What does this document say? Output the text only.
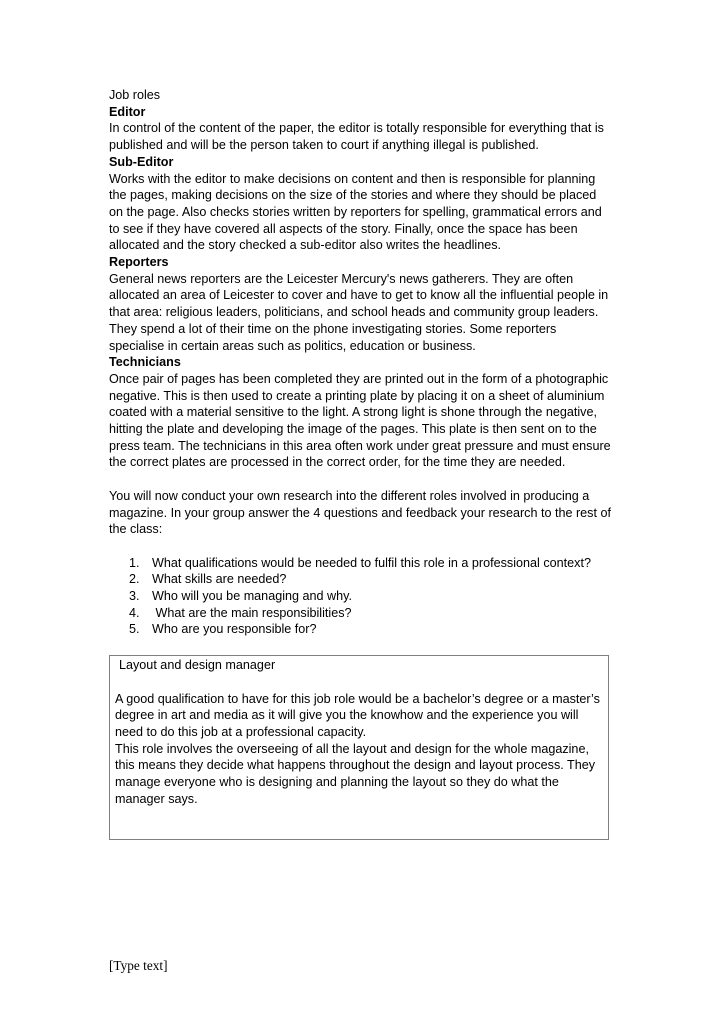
Job roles

Editor

In control of the content of the paper, the editor is totally responsible for everything that is published and will be the person taken to court if anything illegal is published.

Sub-Editor

Works with the editor to make decisions on content and then is responsible for planning the pages, making decisions on the size of the stories and where they should be placed on the page. Also checks stories written by reporters for spelling, grammatical errors and to see if they have covered all aspects of the story. Finally, once the space has been allocated and the story checked a sub-editor also writes the headlines.

Reporters

General news reporters are the Leicester Mercury's news gatherers. They are often allocated an area of Leicester to cover and have to get to know all the influential people in that area: religious leaders, politicians, and school heads and community group leaders. They spend a lot of their time on the phone investigating stories. Some reporters specialise in certain areas such as politics, education or business.

Technicians

Once pair of pages has been completed they are printed out in the form of a photographic negative. This is then used to create a printing plate by placing it on a sheet of aluminium coated with a material sensitive to the light. A strong light is shone through the negative, hitting the plate and developing the image of the pages. This plate is then sent on to the press team. The technicians in this area often work under great pressure and must ensure the correct plates are processed in the correct order, for the time they are needed.

You will now conduct your own research into the different roles involved in producing a magazine. In your group answer the 4 questions and feedback your research to the rest of the class:

1. What qualifications would be needed to fulfil this role in a professional context?
2. What skills are needed?
3. Who will you be managing and why.
4. What are the main responsibilities?
5. Who are you responsible for?

Layout and design manager

A good qualification to have for this job role would be a bachelor’s degree or a master’s degree in art and media as it will give you the knowhow and the experience you will need to do this job at a professional capacity.

This role involves the overseeing of all the layout and design for the whole magazine, this means they decide what happens throughout the design and layout process. They manage everyone who is designing and planning the layout so they do what the manager says.

[Type text]
